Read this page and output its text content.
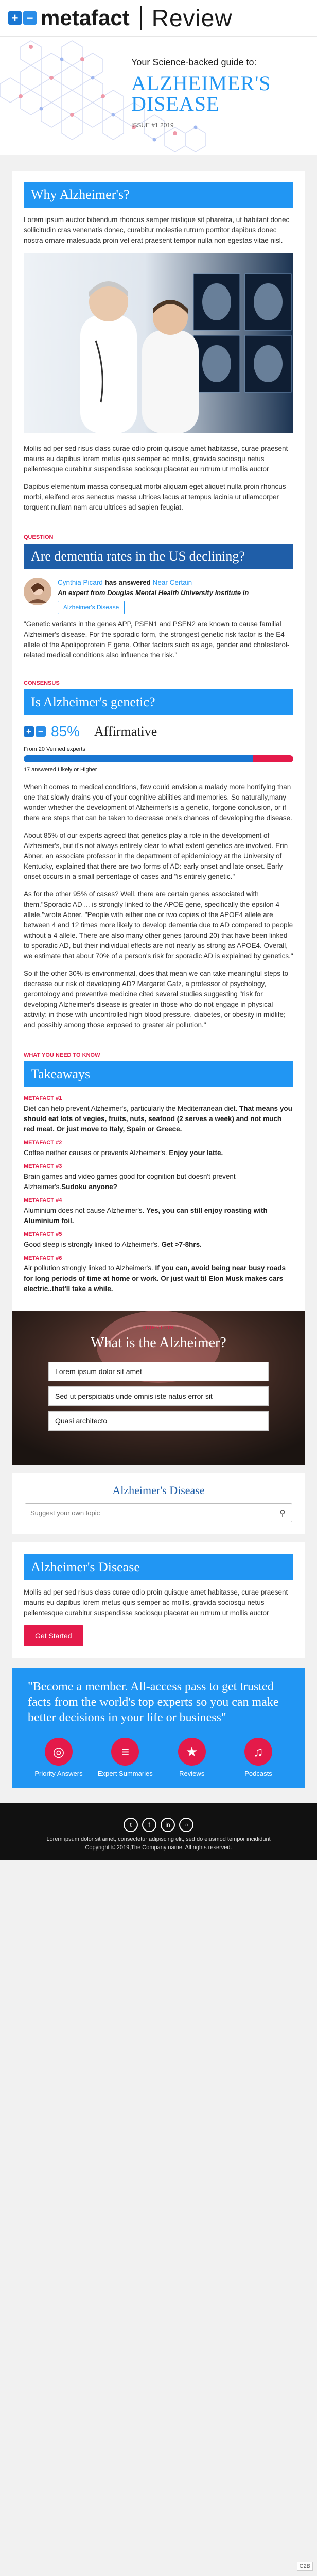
+ − metafact Review
Your Science-backed guide to:
ALZHEIMER'S
DISEASE
ISSUE #1 2019
Why Alzheimer's?

Lorem ipsum auctor bibendum rhoncus semper tristique sit pharetra, ut habitant donec sollicitudin cras venenatis donec, curabitur molestie rutrum porttitor dapibus donec nostra ornare malesuada proin vel erat praesent tempor nulla non egestas vitae nisl.

Mollis ad per sed risus class curae odio proin quisque amet habitasse, curae praesent mauris eu dapibus lorem metus quis semper ac mollis, gravida sociosqu netus pellentesque curabitur suspendisse sociosqu placerat eu rutrum ut mollis auctor

Dapibus elementum massa consequat morbi aliquam eget aliquet nulla proin rhoncus morbi, eleifend eros senectus massa ultrices lacus at tempus lacinia ut ullamcorper torquent nullam nam arcu ultrices ad sapien feugiat.

QUESTION
Are dementia rates in the US declining?
Cynthia Picard has answered Near Certain
An expert from Douglas Mental Health University Institute in
Alzheimer's Disease

"Genetic variants in the genes APP, PSEN1 and PSEN2 are known to cause familial Alzheimer's disease. For the sporadic form, the strongest genetic risk factor is the E4 allele of the Apolipoprotein E gene. Other factors such as age, gender and cholesterol-related medical conditions also influence the risk."

CONSENSUS
Is Alzheimer's genetic?
+ − 85% Affirmative
From 20 Verified experts
17 answered Likely or Higher

When it comes to medical conditions, few could envision a malady more horrifying than one that slowly drains you of your cognitive abilities and memories. So naturally,many wonder whether the development of Alzheimer's is a genetic, forgone conclusion, or if there are steps that can be taken to decrease one's chances of developing the disease.

About 85% of our experts agreed that genetics play a role in the development of Alzheimer's, but it's not always entirely clear to what extent genetics are involved. Erin Abner, an associate professor in the department of epidemiology at the University of Kentucky, explained that there are two forms of AD: early onset and late onset. Early onset occurs in a small percentage of cases and "is entirely genetic."

As for the other 95% of cases? Well, there are certain genes associated with them."Sporadic AD ... is strongly linked to the APOE gene, specifically the epsilon 4 allele,"wrote Abner. "People with either one or two copies of the APOE4 allele are between 4 and 12 times more likely to develop dementia due to AD compared to people without a 4 allele. There are also many other genes (around 20) that have been linked to sporadic AD, but their individual effects are not nearly as strong as APOE4. Overall, we estimate that about 70% of a person's risk for sporadic AD is explained by genetics."

So if the other 30% is environmental, does that mean we can take meaningful steps to decrease our risk of developing AD? Margaret Gatz, a professor of psychology, gerontology and preventive medicine cited several studies suggesting "risk for developing Alzheimer's disease is greater in those who do not engage in physical activity; in those with uncontrolled high blood pressure, diabetes, or obesity in midlife; and possibly among those exposed to greater air pollution."

WHAT YOU NEED TO KNOW
Takeaways
METAFACT #1
Diet can help prevent Alzheimer's, particularly the Mediterranean diet. That means you should eat lots of vegies, fruits, nuts, seafood (2 serves a week) and not much red meat. Or just move to Italy, Spain or Greece.
METAFACT #2
Coffee neither causes or prevents Alzheimer's. Enjoy your latte.
METAFACT #3
Brain games and video games good for cognition but doesn't prevent Alzheimer's.Sudoku anyone?
METAFACT #4
Aluminium does not cause Alzheimer's. Yes, you can still enjoy roasting with Aluminium foil.
METAFACT #5
Good sleep is strongly linked to Alzheimer's. Get >7-8hrs.
METAFACT #6
Air pollution strongly linked to Alzheimer's. If you can, avoid being near busy roads for long periods of time at home or work. Or just wait til Elon Musk makes cars electric..that'll take a while.
QUESTION
What is the Alzheimer?
Lorem ipsum dolor sit amet
Sed ut perspiciatis unde omnis iste natus error sit
Quasi architecto
Alzheimer's Disease
Suggest your own topic
⚲
Alzheimer's Disease

Mollis ad per sed risus class curae odio proin quisque amet habitasse, curae praesent mauris eu dapibus lorem metus quis semper ac mollis, gravida sociosqu netus pellentesque curabitur suspendisse sociosqu placerat eu rutrum ut mollis auctor

Get Started
"Become a member. All-access pass to get trusted facts from the world's top experts so you can make better decisions in your life or business"
◎
Priority Answers
≡
Expert Summaries
★
Reviews
♫
Podcasts
t	f	in	○
Lorem ipsum dolor sit amet, consectetur adipiscing elit, sed do eiusmod tempor incididunt
Copyright © 2019,The Company name. All rights reserved.
C2B
